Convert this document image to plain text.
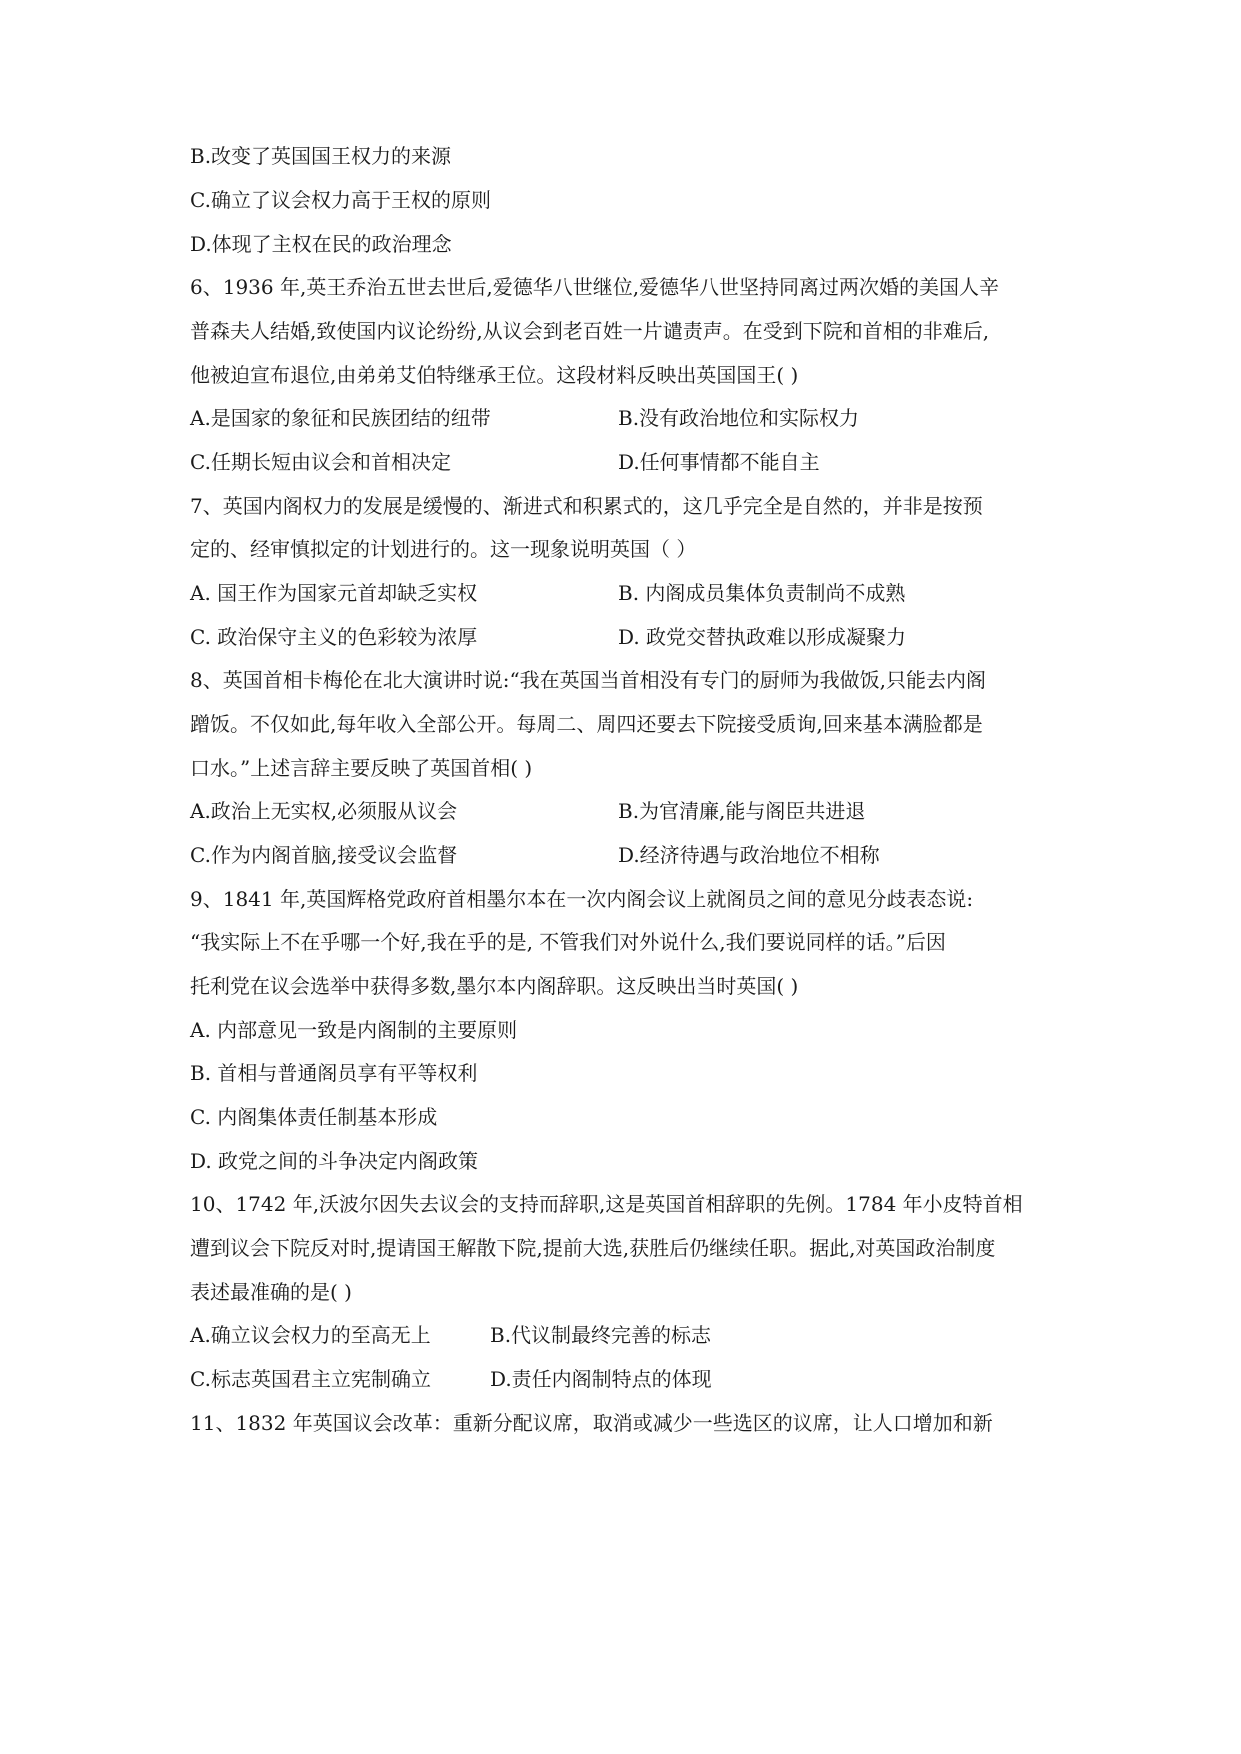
B.改变了英国国王权力的来源
C.确立了议会权力高于王权的原则
D.体现了主权在民的政治理念
6、1936 年,英王乔治五世去世后,爱德华八世继位,爱德华八世坚持同离过两次婚的美国人辛
普森夫人结婚,致使国内议论纷纷,从议会到老百姓一片谴责声。在受到下院和首相的非难后,
他被迫宣布退位,由弟弟艾伯特继承王位。这段材料反映出英国国王( )
A.是国家的象征和民族团结的纽带	B.没有政治地位和实际权力
C.任期长短由议会和首相决定	D.任何事情都不能自主
7、英国内阁权力的发展是缓慢的、渐进式和积累式的，这几乎完全是自然的，并非是按预
定的、经审慎拟定的计划进行的。这一现象说明英国（ ）
A. 国王作为国家元首却缺乏实权	B. 内阁成员集体负责制尚不成熟
C. 政治保守主义的色彩较为浓厚	D. 政党交替执政难以形成凝聚力
8、英国首相卡梅伦在北大演讲时说:“我在英国当首相没有专门的厨师为我做饭,只能去内阁
蹭饭。不仅如此,每年收入全部公开。每周二、周四还要去下院接受质询,回来基本满脸都是
口水。”上述言辞主要反映了英国首相( )
A.政治上无实权,必须服从议会	B.为官清廉,能与阁臣共进退
C.作为内阁首脑,接受议会监督	D.经济待遇与政治地位不相称
9、1841 年,英国辉格党政府首相墨尔本在一次内阁会议上就阁员之间的意见分歧表态说:
“我实际上不在乎哪一个好,我在乎的是, 不管我们对外说什么,我们要说同样的话。”后因
托利党在议会选举中获得多数,墨尔本内阁辞职。这反映出当时英国( )
A. 内部意见一致是内阁制的主要原则
B. 首相与普通阁员享有平等权利
C. 内阁集体责任制基本形成
D. 政党之间的斗争决定内阁政策
10、1742 年,沃波尔因失去议会的支持而辞职,这是英国首相辞职的先例。1784 年小皮特首相
遭到议会下院反对时,提请国王解散下院,提前大选,获胜后仍继续任职。据此,对英国政治制度
表述最准确的是( )
A.确立议会权力的至高无上	B.代议制最终完善的标志
C.标志英国君主立宪制确立	D.责任内阁制特点的体现
11、1832 年英国议会改革：重新分配议席，取消或减少一些选区的议席，让人口增加和新
